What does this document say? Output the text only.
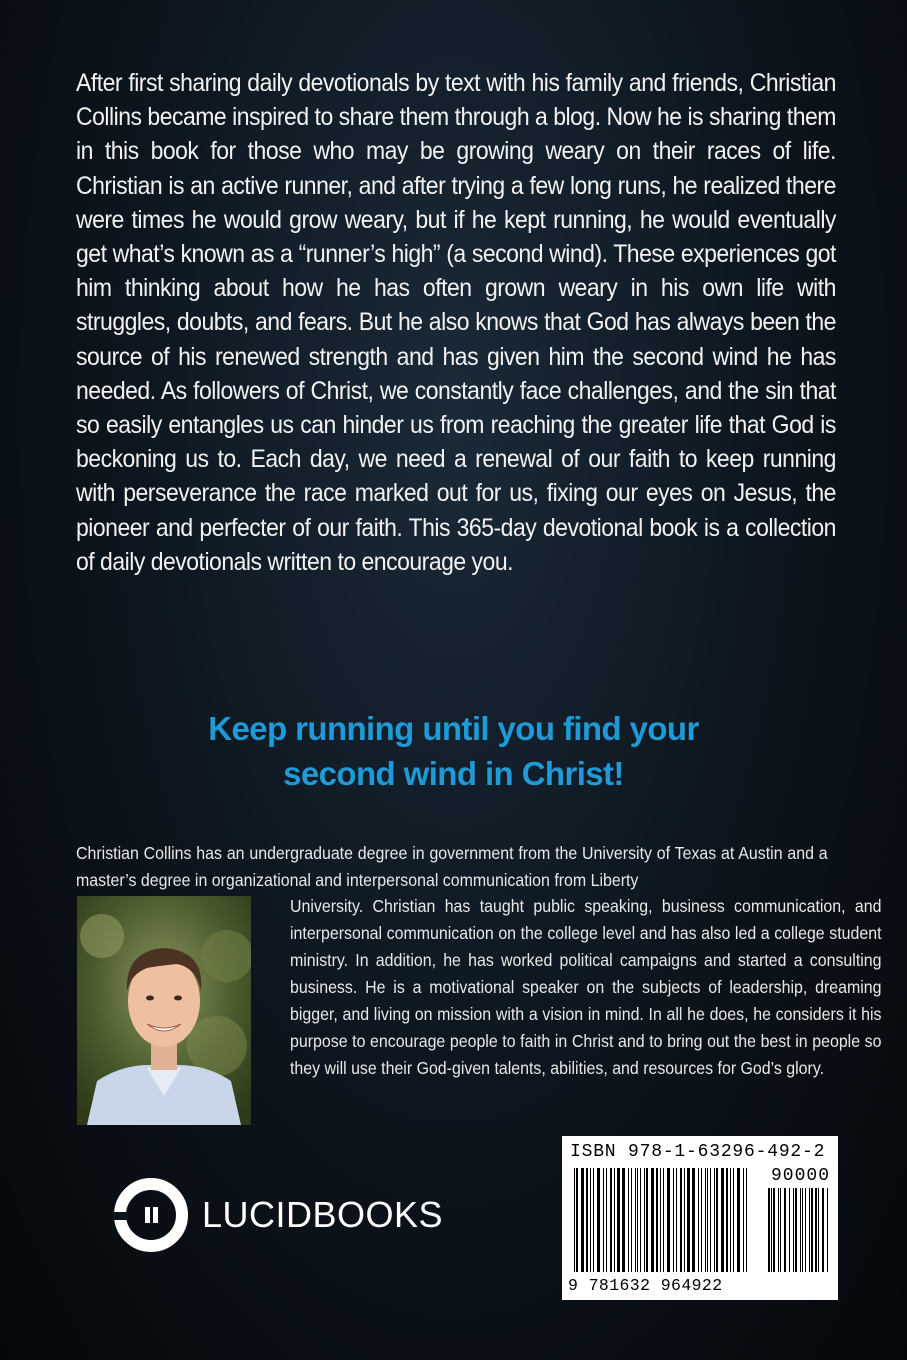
After first sharing daily devotionals by text with his family and friends, Christian Collins became inspired to share them through a blog. Now he is sharing them in this book for those who may be growing weary on their races of life. Christian is an active runner, and after trying a few long runs, he realized there were times he would grow weary, but if he kept running, he would eventually get what’s known as a “runner’s high” (a second wind). These experiences got him thinking about how he has often grown weary in his own life with struggles, doubts, and fears. But he also knows that God has always been the source of his renewed strength and has given him the second wind he has needed. As followers of Christ, we constantly face challenges, and the sin that so easily entangles us can hinder us from reaching the greater life that God is beckoning us to. Each day, we need a renewal of our faith to keep running with perseverance the race marked out for us, fixing our eyes on Jesus, the pioneer and perfecter of our faith. This 365-day devotional book is a collection of daily devotionals written to encourage you.

Keep running until you find your
second wind in Christ!

Christian Collins has an undergraduate degree in government from the University of Texas at Austin and a master’s degree in organizational and interpersonal communication from Liberty

University. Christian has taught public speaking, business communication, and interpersonal communication on the college level and has also led a college student ministry. In addition, he has worked political campaigns and started a consulting business. He is a motivational speaker on the subjects of leadership, dreaming bigger, and living on mission with a vision in mind. In all he does, he considers it his purpose to encourage people to faith in Christ and to bring out the best in people so they will use their God-given talents, abilities, and resources for God’s glory.

LUCIDBOOKS
ISBN 978-1-63296-492-2
90000
9 781632 964922
